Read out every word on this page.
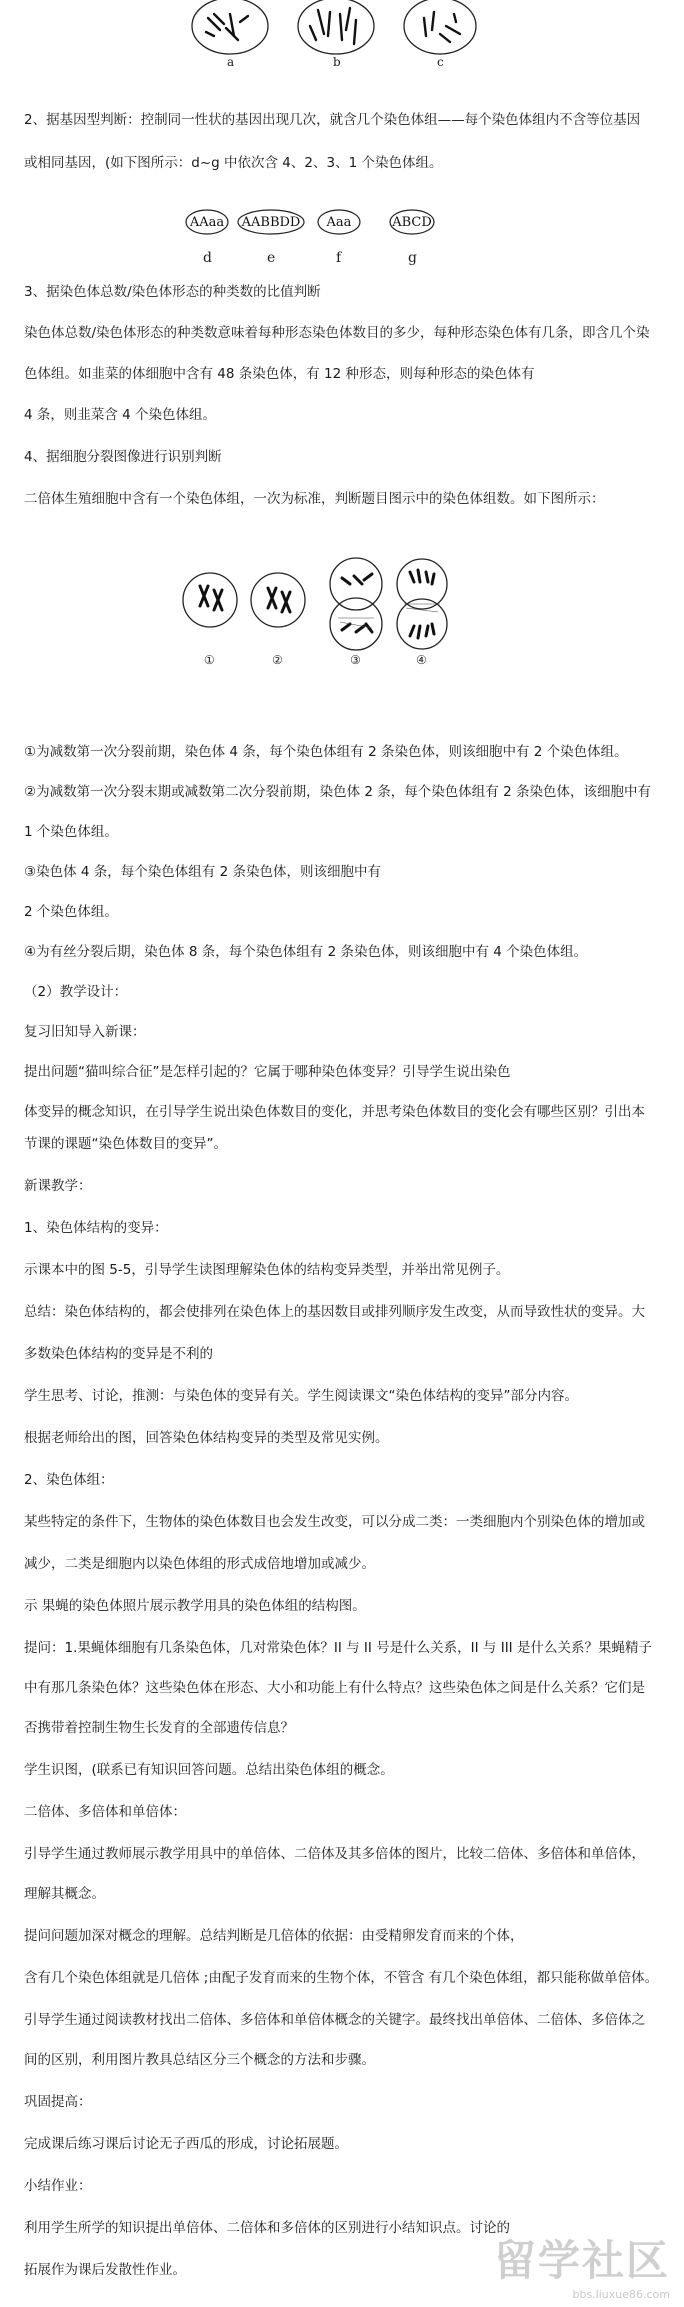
a	b	c

2、据基因型判断：控制同一性状的基因出现几次，就含几个染色体组——每个染色体组内不含等位基因

或相同基因，(如下图所示：d~g 中依次含 4、2、3、1 个染色体组。

AAaa AABBDD Aaa	ABCD
d	e	f	g

3、据染色体总数/染色体形态的种类数的比值判断

染色体总数/染色体形态的种类数意味着每种形态染色体数目的多少，每种形态染色体有几条，即含几个染

色体组。如韭菜的体细胞中含有 48 条染色体，有 12 种形态，则每种形态的染色体有

4 条，则韭菜含 4 个染色体组。

4、据细胞分裂图像进行识别判断

二倍体生殖细胞中含有一个染色体组，一次为标准，判断题目图示中的染色体组数。如下图所示：

①	②	③	④

①为减数第一次分裂前期，染色体 4 条，每个染色体组有 2 条染色体，则该细胞中有 2 个染色体组。

②为减数第一次分裂末期或减数第二次分裂前期，染色体 2 条，每个染色体组有 2 条染色体，该细胞中有

1 个染色体组。

③染色体 4 条，每个染色体组有 2 条染色体，则该细胞中有

2 个染色体组。

④为有丝分裂后期，染色体 8 条，每个染色体组有 2 条染色体，则该细胞中有 4 个染色体组。

（2）教学设计：

复习旧知导入新课：

提出问题“猫叫综合征”是怎样引起的？它属于哪种染色体变异？引导学生说出染色

体变异的概念知识，在引导学生说出染色体数目的变化，并思考染色体数目的变化会有哪些区别？引出本

节课的课题“染色体数目的变异”。

新课教学：

1、染色体结构的变异：

示课本中的图 5-5，引导学生读图理解染色体的结构变异类型，并举出常见例子。

总结：染色体结构的，都会使排列在染色体上的基因数目或排列顺序发生改变，从而导致性状的变异。大

多数染色体结构的变异是不利的

学生思考、讨论，推测：与染色体的变异有关。学生阅读课文“染色体结构的变异”部分内容。

根据老师给出的图，回答染色体结构变异的类型及常见实例。

2、染色体组：

某些特定的条件下，生物体的染色体数目也会发生改变，可以分成二类：一类细胞内个别染色体的增加或

减少，二类是细胞内以染色体组的形式成倍地增加或减少。

示 果蝇的染色体照片展示教学用具的染色体组的结构图。

提问：1.果蝇体细胞有几条染色体，几对常染色体？II 与 II 号是什么关系，II 与 III 是什么关系？果蝇精子

中有那几条染色体？这些染色体在形态、大小和功能上有什么特点？这些染色体之间是什么关系？它们是

否携带着控制生物生长发育的全部遗传信息？

学生识图，(联系已有知识回答问题。总结出染色体组的概念。

二倍体、多倍体和单倍体：

引导学生通过教师展示教学用具中的单倍体、二倍体及其多倍体的图片，比较二倍体、多倍体和单倍体，

理解其概念。

提问问题加深对概念的理解。总结判断是几倍体的依据：由受精卵发育而来的个体，

含有几个染色体组就是几倍体 ;由配子发育而来的生物个体，不管含 有几个染色体组，都只能称做单倍体。

引导学生通过阅读教材找出二倍体、多倍体和单倍体概念的关键字。最终找出单倍体、二倍体、多倍体之

间的区别，利用图片教具总结区分三个概念的方法和步骤。

巩固提高：

完成课后练习课后讨论无子西瓜的形成，讨论拓展题。

小结作业：

利用学生所学的知识提出单倍体、二倍体和多倍体的区别进行小结知识点。讨论的

拓展作为课后发散性作业。	留学社区
bbs.liuxue86.com
